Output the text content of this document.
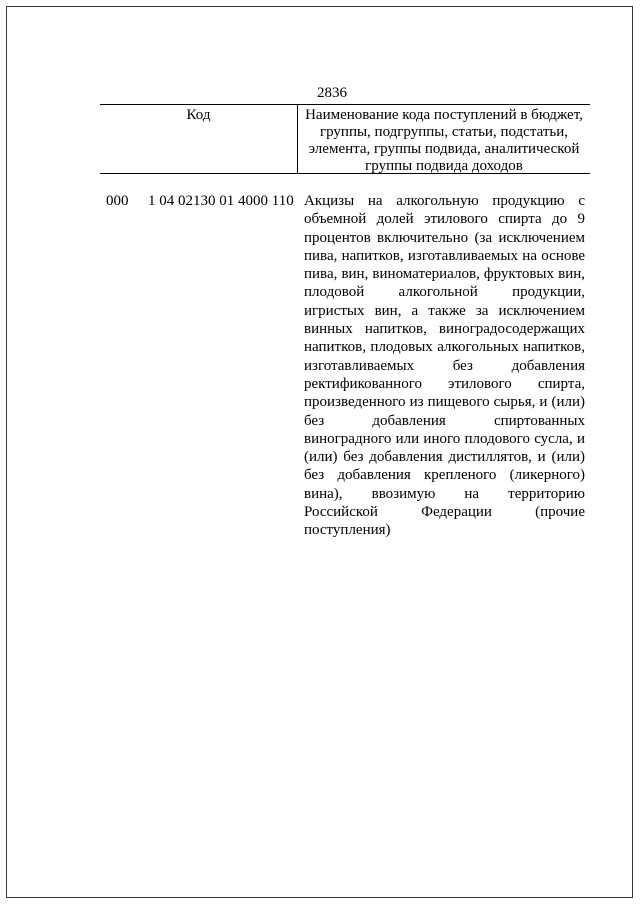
2836
Код	Наименование кода поступлений в бюджет, группы, подгруппы, статьи, подстатьи, элемента, группы подвида, аналитической группы подвида доходов
000 1 04 02130 01 4000 110 Акцизы на алкогольную продукцию с объемной долей этилового спирта до 9 процентов включительно (за исключением пива, напитков, изготавливаемых на основе пива, вин, виноматериалов, фруктовых вин, плодовой алкогольной продукции, игристых вин, а также за исключением винных напитков, виноградосодержащих напитков, плодовых алкогольных напитков, изготавливаемых без добавления ректификованного этилового спирта, произведенного из пищевого сырья, и (или) без добавления спиртованных виноградного или иного плодового сусла, и (или) без добавления дистиллятов, и (или) без добавления крепленого (ликерного) вина), ввозимую на территорию Российской Федерации (прочие поступления)
